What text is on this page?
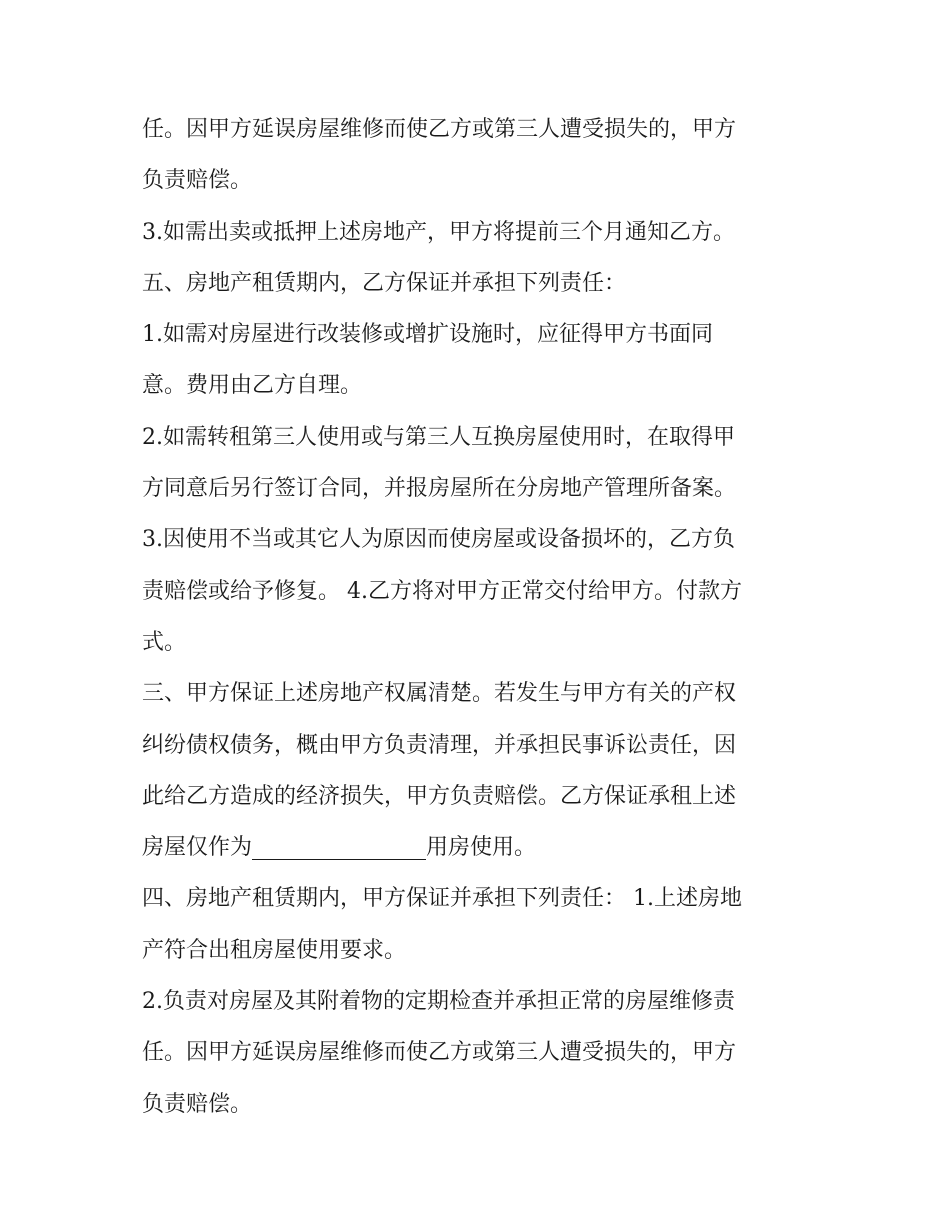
任。因甲方延误房屋维修而使乙方或第三人遭受损失的，甲方
负责赔偿。
3.如需出卖或抵押上述房地产，甲方将提前三个月通知乙方。
五、房地产租赁期内，乙方保证并承担下列责任：
1.如需对房屋进行改装修或增扩设施时，应征得甲方书面同
意。费用由乙方自理。
2.如需转租第三人使用或与第三人互换房屋使用时，在取得甲
方同意后另行签订合同，并报房屋所在分房地产管理所备案。
3.因使用不当或其它人为原因而使房屋或设备损坏的，乙方负
责赔偿或给予修复。 4.乙方将对甲方正常交付给甲方。付款方
式。
三、甲方保证上述房地产权属清楚。若发生与甲方有关的产权
纠纷债权债务，概由甲方负责清理，并承担民事诉讼责任，因
此给乙方造成的经济损失，甲方负责赔偿。乙方保证承租上述
房屋仅作为	用房使用。
四、房地产租赁期内，甲方保证并承担下列责任： 1.上述房地
产符合出租房屋使用要求。
2.负责对房屋及其附着物的定期检查并承担正常的房屋维修责
任。因甲方延误房屋维修而使乙方或第三人遭受损失的，甲方
负责赔偿。
